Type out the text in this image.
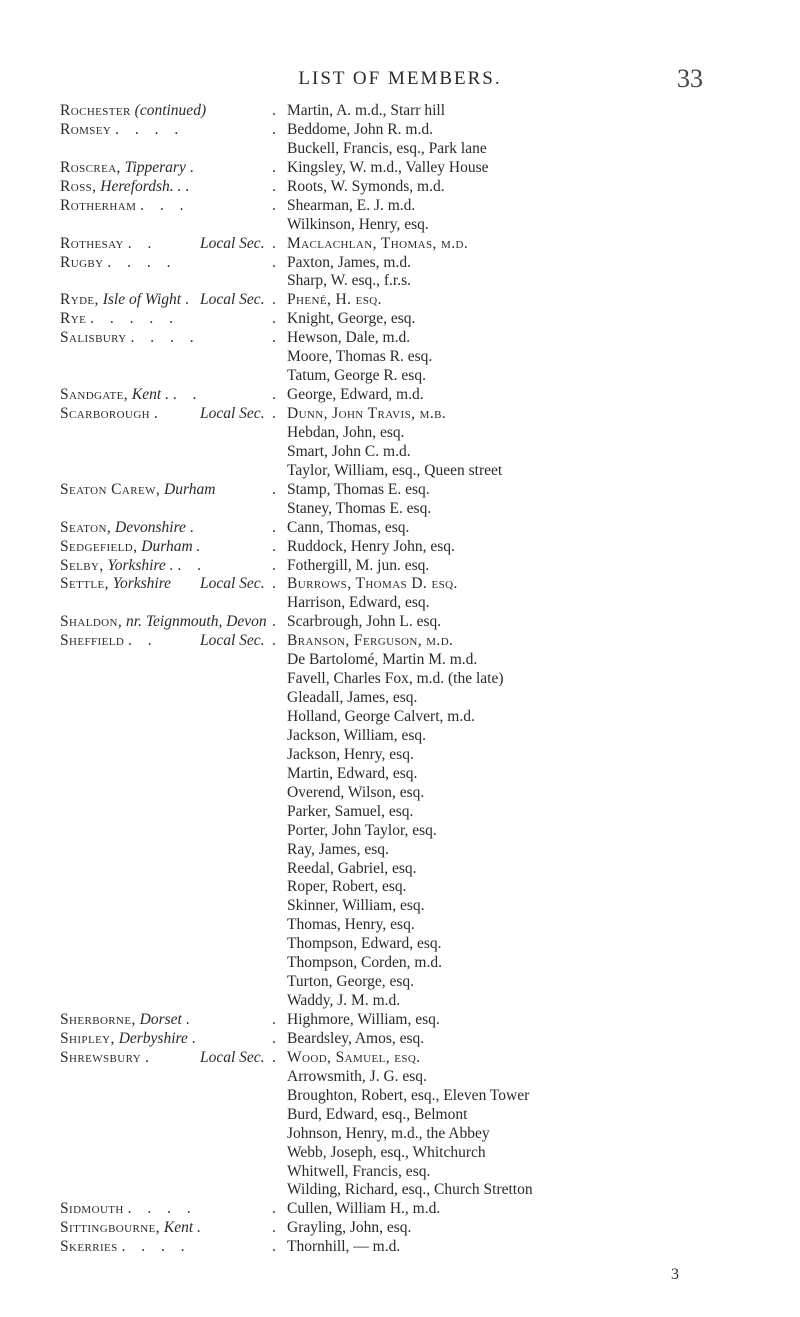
LIST OF MEMBERS.	33
Rochester (continued) .	Martin, A. m.d., Starr hill
Romsey . . . . .	Beddome, John R. m.d.
Buckell, Francis, esq., Park lane
Roscrea, Tipperary . .	Kingsley, W. m.d., Valley House
Ross, Herefordsh. . . .	Roots, W. Symonds, m.d.
Rotherham . . . .	Shearman, E. J. m.d.
Wilkinson, Henry, esq.
Rothesay . .	Local Sec. . Maclachlan, Thomas, m.d.
Rugby . . . . .	Paxton, James, m.d.
Sharp, W. esq., f.r.s.
Ryde, Isle of Wight . Local Sec. . Phené, H. esq.
Rye . . . . . .	Knight, George, esq.
Salisbury . . . . .	Hewson, Dale, m.d.
Moore, Thomas R. esq.
Tatum, George R. esq.
Sandgate, Kent . . . .	George, Edward, m.d.
Scarborough . Local Sec. . Dunn, John Travis, m.b.
Hebdan, John, esq.
Smart, John C. m.d.
Taylor, William, esq., Queen street
Seaton Carew, Durham .	Stamp, Thomas E. esq.
Staney, Thomas E. esq.
Seaton, Devonshire . .	Cann, Thomas, esq.
Sedgefield, Durham . .	Ruddock, Henry John, esq.
Selby, Yorkshire . . . .	Fothergill, M. jun. esq.
Settle, Yorkshire Local Sec. . Burrows, Thomas D. esq.
Harrison, Edward, esq.
Shaldon, nr. Teignmouth, Devon . Scarbrough, John L. esq.
Sheffield . .	Local Sec. . Branson, Ferguson, m.d.
De Bartolomé, Martin M. m.d.
Favell, Charles Fox, m.d. (the late)
Gleadall, James, esq.
Holland, George Calvert, m.d.
Jackson, William, esq.
Jackson, Henry, esq.
Martin, Edward, esq.
Overend, Wilson, esq.
Parker, Samuel, esq.
Porter, John Taylor, esq.
Ray, James, esq.
Reedal, Gabriel, esq.
Roper, Robert, esq.
Skinner, William, esq.
Thomas, Henry, esq.
Thompson, Edward, esq.
Thompson, Corden, m.d.
Turton, George, esq.
Waddy, J. M. m.d.
Sherborne, Dorset . .	Highmore, William, esq.
Shipley, Derbyshire . .	Beardsley, Amos, esq.
Shrewsbury .	Local Sec. . Wood, Samuel, esq.
Arrowsmith, J. G. esq.
Broughton, Robert, esq., Eleven Tower
Burd, Edward, esq., Belmont
Johnson, Henry, m.d., the Abbey
Webb, Joseph, esq., Whitchurch
Whitwell, Francis, esq.
Wilding, Richard, esq., Church Stretton
Sidmouth . . . . .	Cullen, William H., m.d.
Sittingbourne, Kent . .	Grayling, John, esq.
Skerries . . . . .	Thornhill, — m.d.
3
